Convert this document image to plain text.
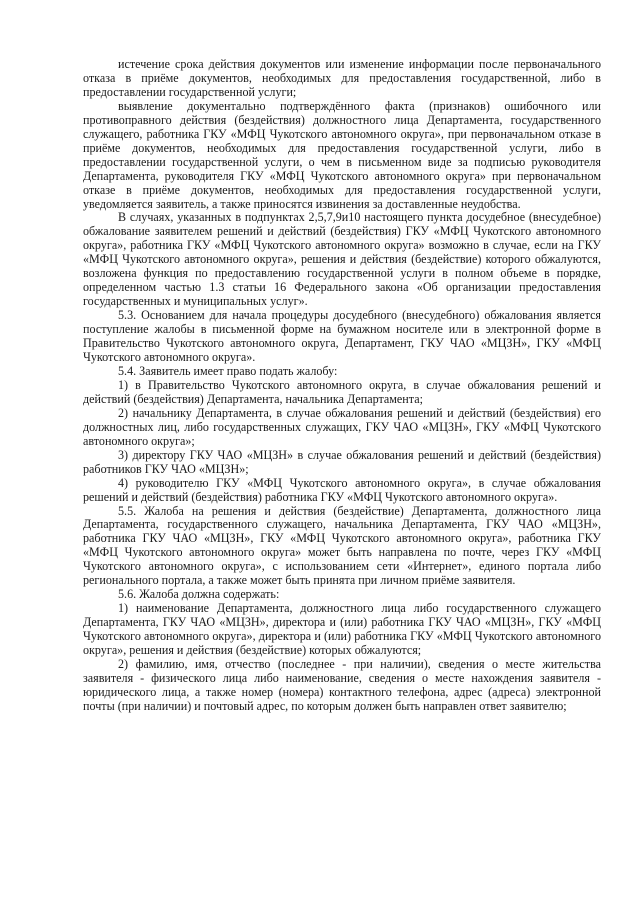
истечение срока действия документов или изменение информации после первоначального отказа в приёме документов, необходимых для предоставления государственной, либо в предоставлении государственной услуги;

выявление документально подтверждённого факта (признаков) ошибочного или противоправного действия (бездействия) должностного лица Департамента, государственного служащего, работника ГКУ «МФЦ Чукотского автономного округа», при первоначальном отказе в приёме документов, необходимых для предоставления государственной услуги, либо в предоставлении государственной услуги, о чем в письменном виде за подписью руководителя Департамента, руководителя ГКУ «МФЦ Чукотского автономного округа» при первоначальном отказе в приёме документов, необходимых для предоставления государственной услуги, уведомляется заявитель, а также приносятся извинения за доставленные неудобства.

В случаях, указанных в подпунктах 2,5,7,9и10 настоящего пункта досудебное (внесудебное) обжалование заявителем решений и действий (бездействия) ГКУ «МФЦ Чукотского автономного округа», работника ГКУ «МФЦ Чукотского автономного округа» возможно в случае, если на ГКУ «МФЦ Чукотского автономного округа», решения и действия (бездействие) которого обжалуются, возложена функция по предоставлению государственной услуги в полном объеме в порядке, определенном частью 1.3 статьи 16 Федерального закона «Об организации предоставления государственных и муниципальных услуг».

5.3. Основанием для начала процедуры досудебного (внесудебного) обжалования является поступление жалобы в письменной форме на бумажном носителе или в электронной форме в Правительство Чукотского автономного округа, Департамент, ГКУ ЧАО «МЦЗН», ГКУ «МФЦ Чукотского автономного округа».

5.4. Заявитель имеет право подать жалобу:

1) в Правительство Чукотского автономного округа, в случае обжалования решений и действий (бездействия) Департамента, начальника Департамента;

2) начальнику Департамента, в случае обжалования решений и действий (бездействия) его должностных лиц, либо государственных служащих, ГКУ ЧАО «МЦЗН», ГКУ «МФЦ Чукотского автономного округа»;

3) директору ГКУ ЧАО «МЦЗН» в случае обжалования решений и действий (бездействия) работников ГКУ ЧАО «МЦЗН»;

4) руководителю ГКУ «МФЦ Чукотского автономного округа», в случае обжалования решений и действий (бездействия) работника ГКУ «МФЦ Чукотского автономного округа».

5.5. Жалоба на решения и действия (бездействие) Департамента, должностного лица Департамента, государственного служащего, начальника Департамента, ГКУ ЧАО «МЦЗН», работника ГКУ ЧАО «МЦЗН», ГКУ «МФЦ Чукотского автономного округа», работника ГКУ «МФЦ Чукотского автономного округа» может быть направлена по почте, через ГКУ «МФЦ Чукотского автономного округа», с использованием сети «Интернет», единого портала либо регионального портала, а также может быть принята при личном приёме заявителя.

5.6. Жалоба должна содержать:

1) наименование Департамента, должностного лица либо государственного служащего Департамента, ГКУ ЧАО «МЦЗН», директора и (или) работника ГКУ ЧАО «МЦЗН», ГКУ «МФЦ Чукотского автономного округа», директора и (или) работника ГКУ «МФЦ Чукотского автономного округа», решения и действия (бездействие) которых обжалуются;

2) фамилию, имя, отчество (последнее - при наличии), сведения о месте жительства заявителя - физического лица либо наименование, сведения о месте нахождения заявителя - юридического лица, а также номер (номера) контактного телефона, адрес (адреса) электронной почты (при наличии) и почтовый адрес, по которым должен быть направлен ответ заявителю;
